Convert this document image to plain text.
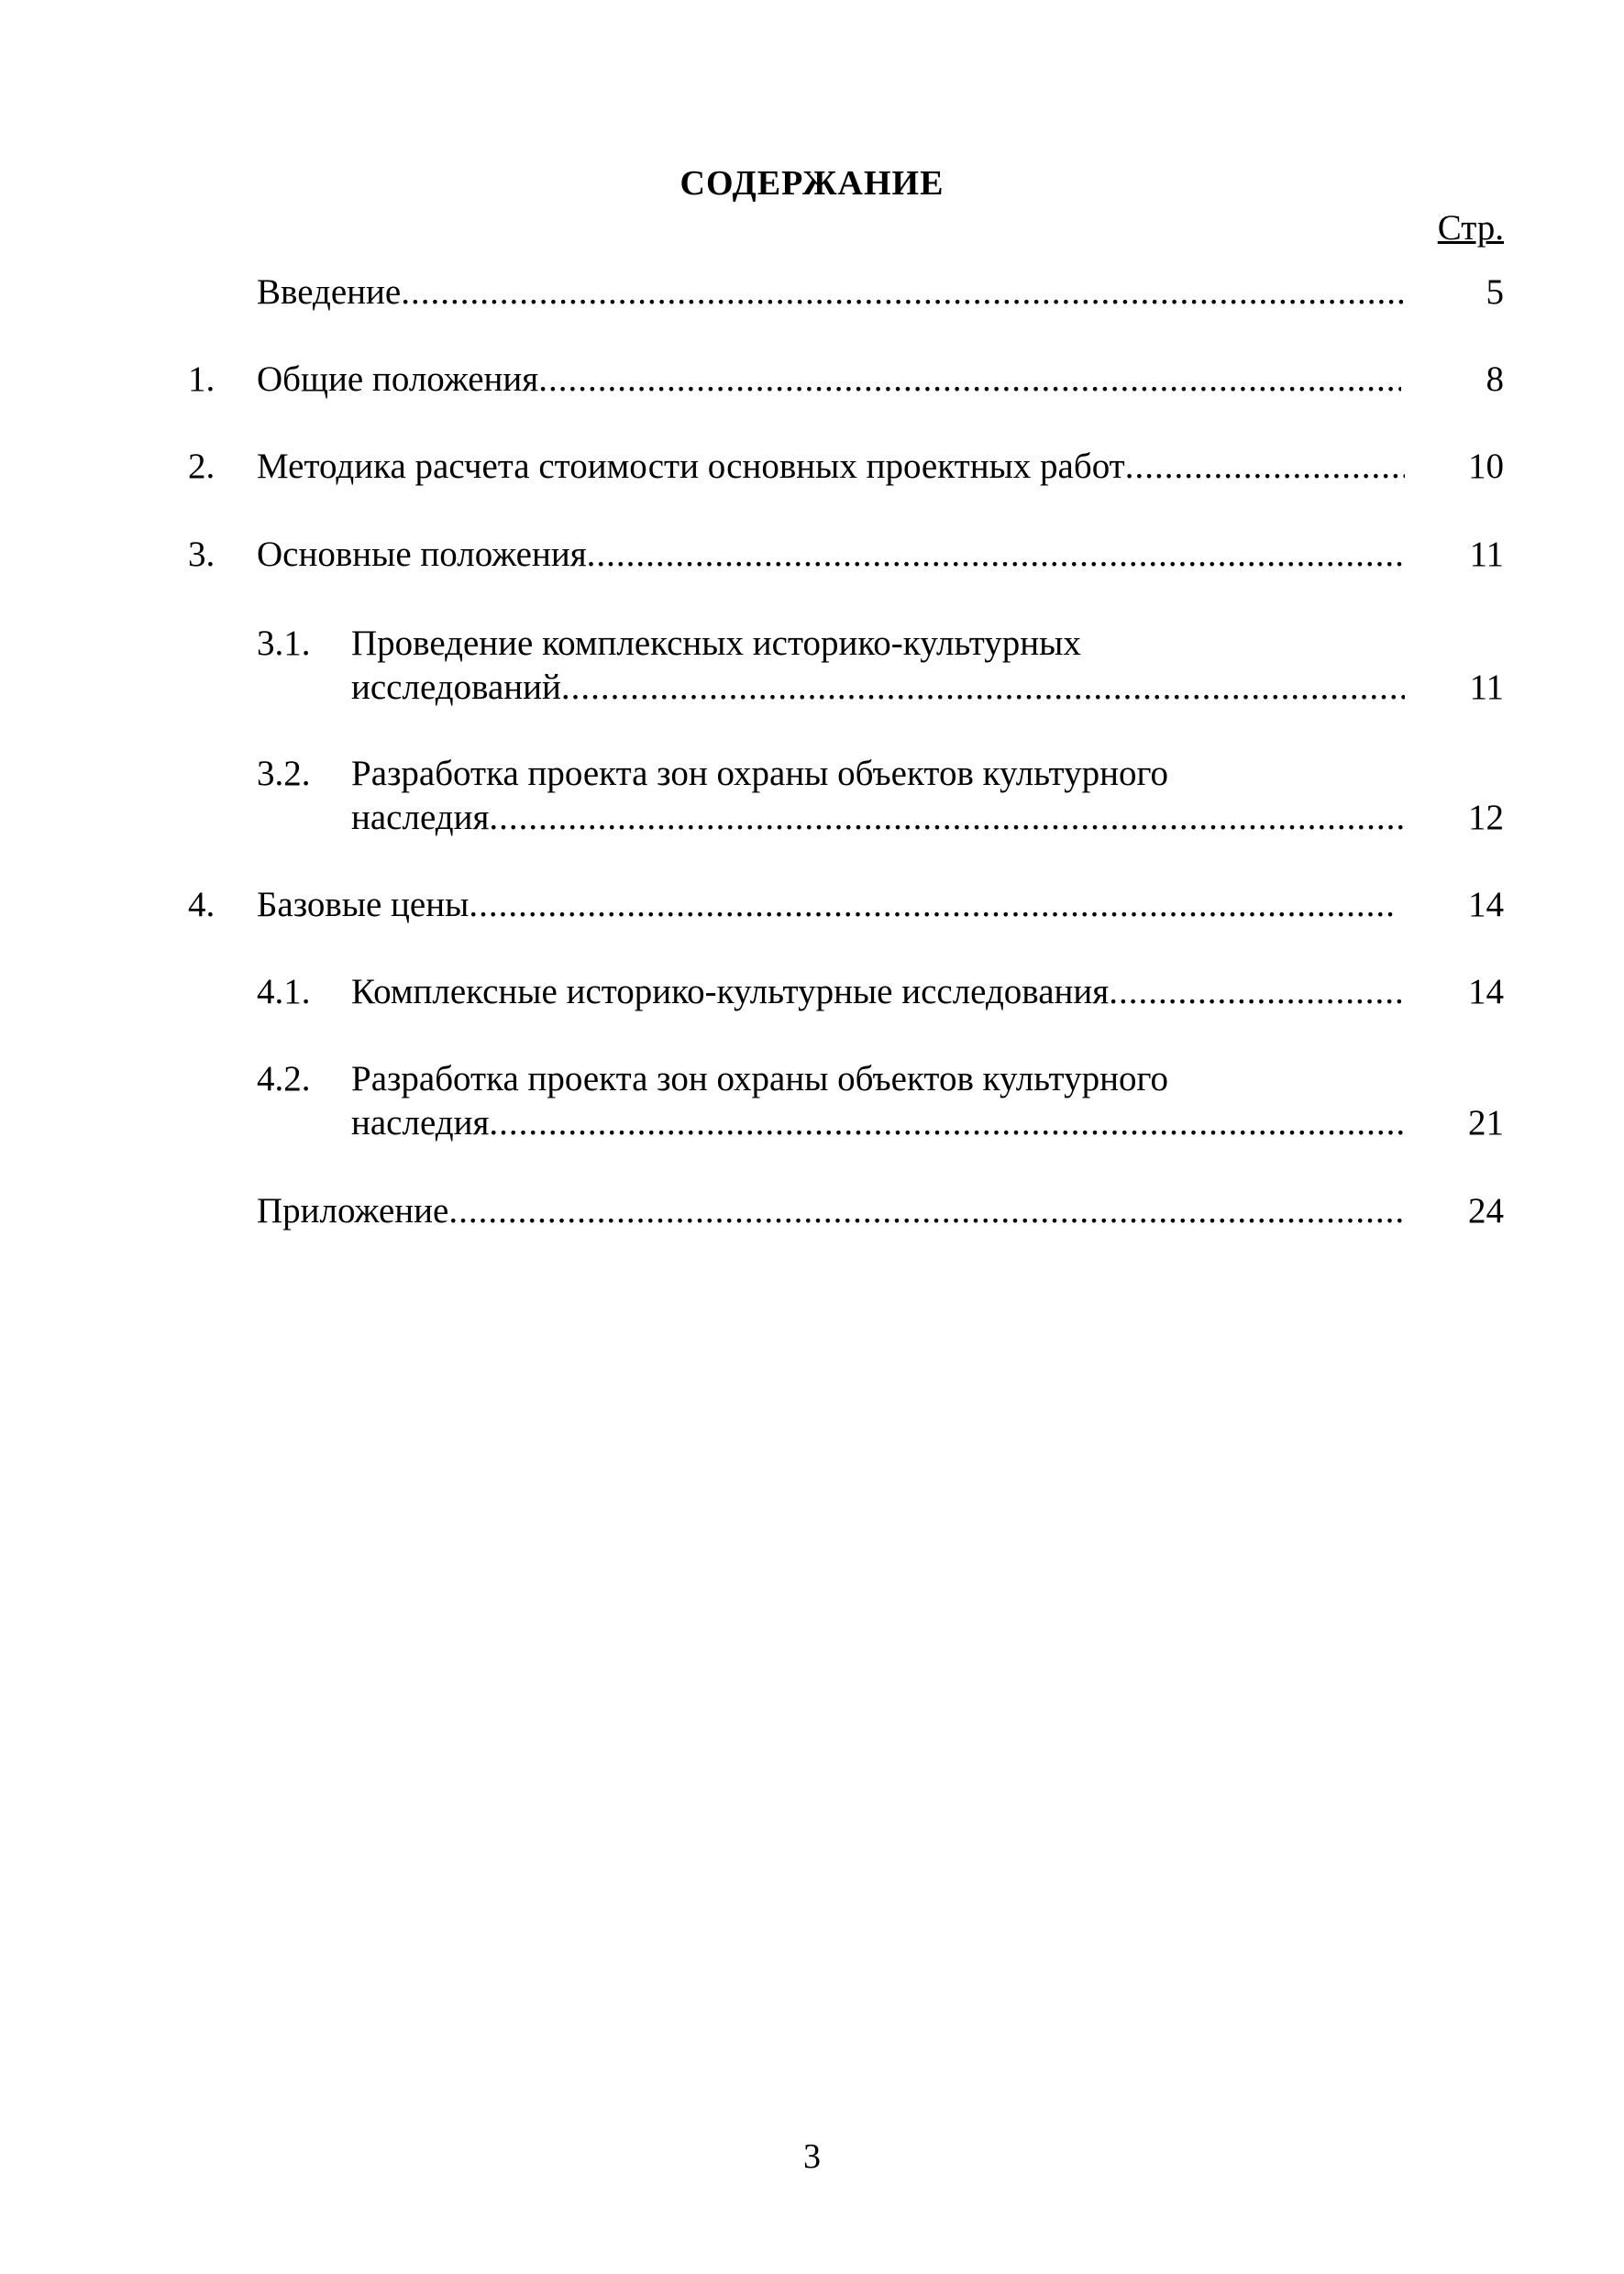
СОДЕРЖАНИЕ
Стр.
Введение .....	5
1. Общие положения .....	8
2. Методика расчета стоимости основных проектных работ .....	10
3. Основные положения .....	11
3.1. Проведение комплексных историко-культурных
исследований .....	11
3.2. Разработка проекта зон охраны объектов культурного
наследия .....	12
4. Базовые цены .....	14
4.1. Комплексные историко-культурные исследования .....	14
4.2. Разработка проекта зон охраны объектов культурного
наследия .....	21
Приложение .....	24
3
